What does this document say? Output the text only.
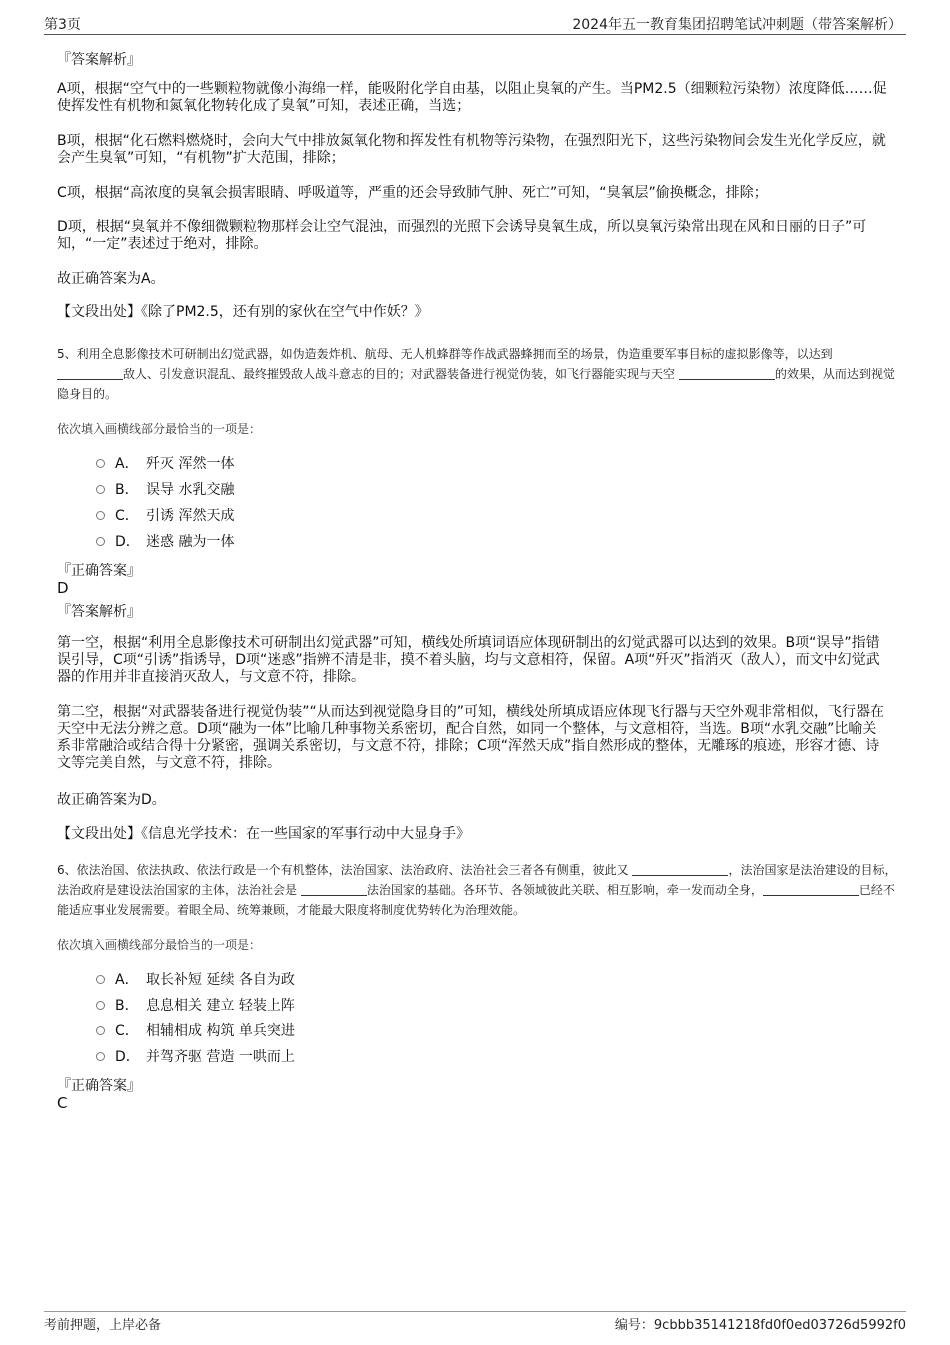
第3页	2024年五一教育集团招聘笔试冲刺题（带答案解析）
『答案解析』

A项，根据“空气中的一些颗粒物就像小海绵一样，能吸附化学自由基，以阻止臭氧的产生。当PM2.5（细颗粒污染物）浓度降低……促使挥发性有机物和氮氧化物转化成了臭氧”可知，表述正确，当选；

B项，根据“化石燃料燃烧时，会向大气中排放氮氧化物和挥发性有机物等污染物，在强烈阳光下，这些污染物间会发生光化学反应，就会产生臭氧”可知，“有机物”扩大范围，排除；

C项，根据“高浓度的臭氧会损害眼睛、呼吸道等，严重的还会导致肺气肿、死亡”可知，“臭氧层”偷换概念，排除；

D项，根据“臭氧并不像细微颗粒物那样会让空气混浊，而强烈的光照下会诱导臭氧生成，所以臭氧污染常出现在风和日丽的日子”可知，“一定”表述过于绝对，排除。

故正确答案为A。

【文段出处】《除了PM2.5，还有别的家伙在空气中作妖？》

5、利用全息影像技术可研制出幻觉武器，如伪造轰炸机、航母、无人机蜂群等作战武器蜂拥而至的场景，伪造重要军事目标的虚拟影像等，以达到 敌人、引发意识混乱、最终摧毁敌人战斗意志的目的；对武器装备进行视觉伪装，如飞行器能实现与天空	的效果，从而达到视觉隐身目的。

依次填入画横线部分最恰当的一项是：
A． 歼灭 浑然一体
B． 误导 水乳交融
C． 引诱 浑然天成
D． 迷惑 融为一体
『正确答案』
D
『答案解析』

第一空，根据“利用全息影像技术可研制出幻觉武器”可知，横线处所填词语应体现研制出的幻觉武器可以达到的效果。B项“误导”指错误引导，C项“引诱”指诱导，D项“迷惑”指辨不清是非，摸不着头脑，均与文意相符，保留。A项“歼灭”指消灭（敌人），而文中幻觉武器的作用并非直接消灭敌人，与文意不符，排除。

第二空，根据“对武器装备进行视觉伪装”“从而达到视觉隐身目的”可知，横线处所填成语应体现飞行器与天空外观非常相似，飞行器在天空中无法分辨之意。D项“融为一体”比喻几种事物关系密切，配合自然，如同一个整体，与文意相符，当选。B项“水乳交融”比喻关系非常融洽或结合得十分紧密，强调关系密切，与文意不符，排除；C项“浑然天成”指自然形成的整体，无雕琢的痕迹，形容才德、诗文等完美自然，与文意不符，排除。

故正确答案为D。

【文段出处】《信息光学技术：在一些国家的军事行动中大显身手》

6、依法治国、依法执政、依法行政是一个有机整体，法治国家、法治政府、法治社会三者各有侧重，彼此又	，法治国家是法治建设的目标，法治政府是建设法治国家的主体，法治社会是	法治国家的基础。各环节、各领域彼此关联、相互影响，牵一发而动全身，	已经不能适应事业发展需要。着眼全局、统筹兼顾，才能最大限度将制度优势转化为治理效能。

依次填入画横线部分最恰当的一项是：
A． 取长补短 延续 各自为政
B． 息息相关 建立 轻装上阵
C． 相辅相成 构筑 单兵突进
D． 并驾齐驱 营造 一哄而上
『正确答案』
C
考前押题，上岸必备	编号：9cbbb35141218fd0f0ed03726d5992f0
